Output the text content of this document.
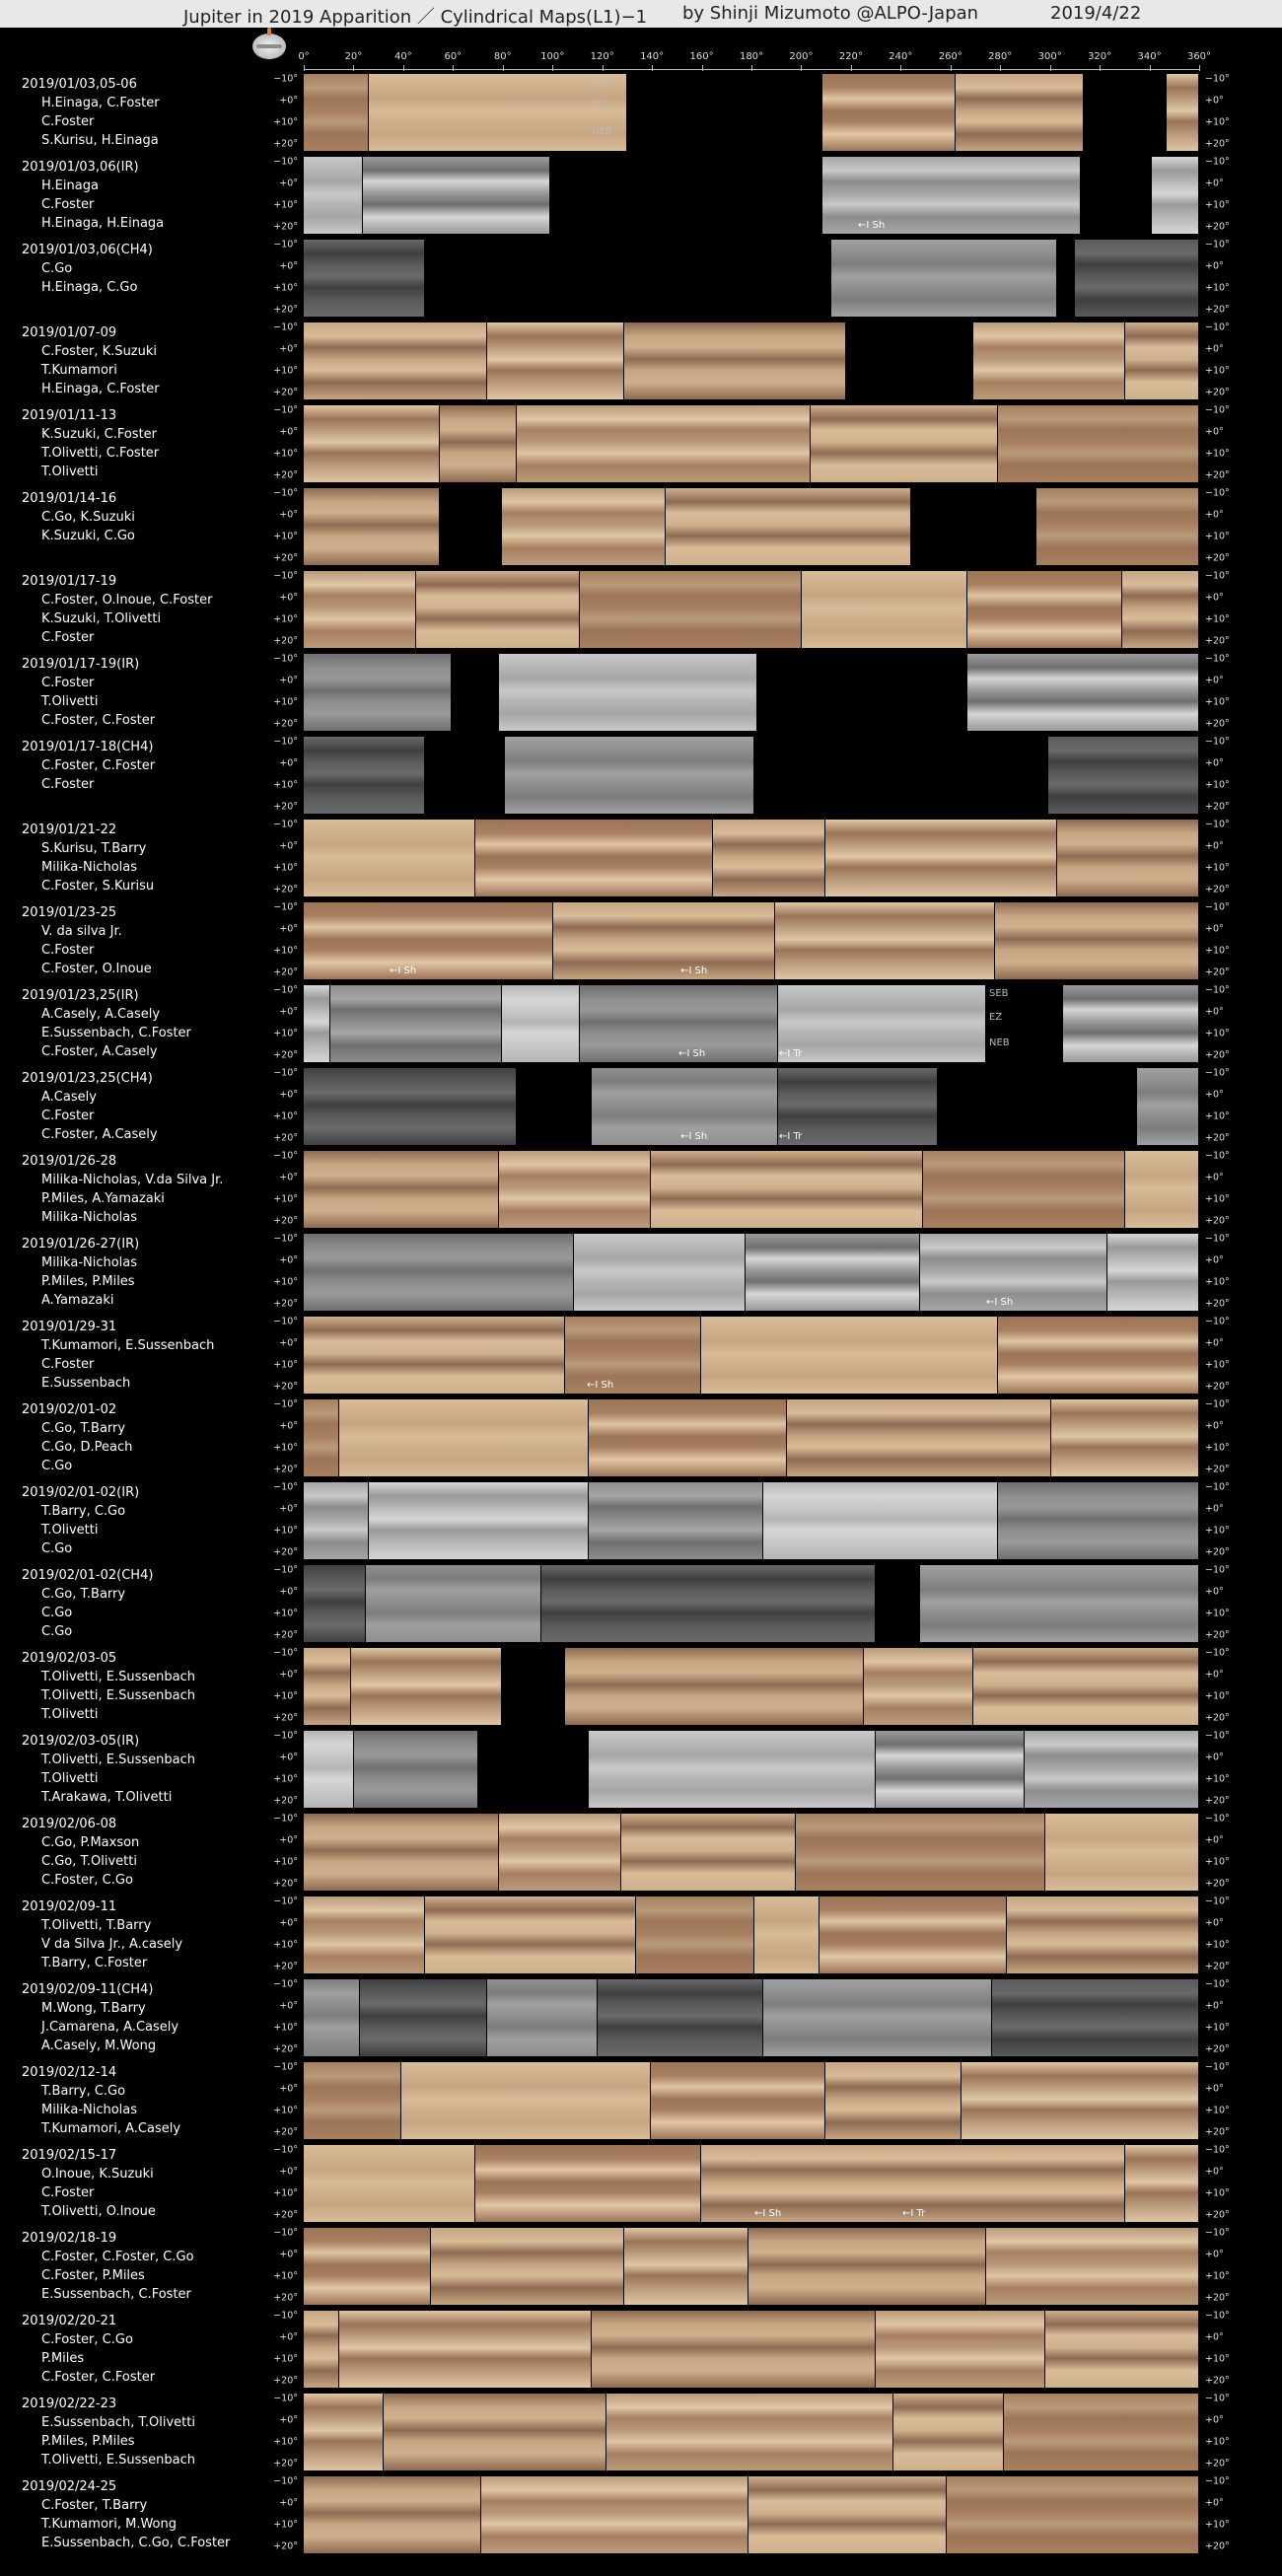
Jupiter in 2019 Apparition ／ Cylindrical Maps(L1)−1 by Shinji Mizumoto @ALPO-Japan	2019/4/22
0°	20°	40°	60°	80°	100°	120°	140°	160°	180°	200°	220°	240°	260°	280°	300°	320°	340°	360°
2019/01/03,05-06
H.Einaga, C.Foster
C.Foster
S.Kurisu, H.Einaga
−10°
+0°
+10°
+20°
−10°
+0°
+10°
+20°
SEB
EZ
NEB
2019/01/03,06(IR)
H.Einaga
C.Foster
H.Einaga, H.Einaga
−10°
+0°
+10°
+20°
−10°
+0°
+10°
+20°
←I Sh
2019/01/03,06(CH4)
C.Go
H.Einaga, C.Go
−10°
+0°
+10°
+20°
−10°
+0°
+10°
+20°
2019/01/07-09
C.Foster, K.Suzuki
T.Kumamori
H.Einaga, C.Foster
−10°
+0°
+10°
+20°
−10°
+0°
+10°
+20°
2019/01/11-13
K.Suzuki, C.Foster
T.Olivetti, C.Foster
T.Olivetti
−10°
+0°
+10°
+20°
−10°
+0°
+10°
+20°
2019/01/14-16
C.Go, K.Suzuki
K.Suzuki, C.Go
−10°
+0°
+10°
+20°
−10°
+0°
+10°
+20°
2019/01/17-19
C.Foster, O.Inoue, C.Foster
K.Suzuki, T.Olivetti
C.Foster
−10°
+0°
+10°
+20°
−10°
+0°
+10°
+20°
2019/01/17-19(IR)
C.Foster
T.Olivetti
C.Foster, C.Foster
−10°
+0°
+10°
+20°
−10°
+0°
+10°
+20°
2019/01/17-18(CH4)
C.Foster, C.Foster
C.Foster
−10°
+0°
+10°
+20°
−10°
+0°
+10°
+20°
2019/01/21-22
S.Kurisu, T.Barry
Milika-Nicholas
C.Foster, S.Kurisu
−10°
+0°
+10°
+20°
−10°
+0°
+10°
+20°
2019/01/23-25
V. da silva Jr.
C.Foster
C.Foster, O.Inoue
−10°
+0°
+10°
+20°
−10°
+0°
+10°
+20°
←I Sh	←I Sh
2019/01/23,25(IR)
A.Casely, A.Casely
E.Sussenbach, C.Foster
C.Foster, A.Casely
−10°
+0°
+10°
+20°
−10°
+0°
+10°
+20°
SEB
EZ
NEB
←I Sh	←I Tr
2019/01/23,25(CH4)
A.Casely
C.Foster
C.Foster, A.Casely
−10°
+0°
+10°
+20°
−10°
+0°
+10°
+20°
←I Sh	←I Tr
2019/01/26-28
Milika-Nicholas, V.da Silva Jr.
P.Miles, A.Yamazaki
Milika-Nicholas
−10°
+0°
+10°
+20°
−10°
+0°
+10°
+20°
2019/01/26-27(IR)
Milika-Nicholas
P.Miles, P.Miles
A.Yamazaki
−10°
+0°
+10°
+20°
−10°
+0°
+10°
+20°
←I Sh
2019/01/29-31
T.Kumamori, E.Sussenbach
C.Foster
E.Sussenbach
−10°
+0°
+10°
+20°
−10°
+0°
+10°
+20°
←I Sh
2019/02/01-02
C.Go, T.Barry
C.Go, D.Peach
C.Go
−10°
+0°
+10°
+20°
−10°
+0°
+10°
+20°
2019/02/01-02(IR)
T.Barry, C.Go
T.Olivetti
C.Go
−10°
+0°
+10°
+20°
−10°
+0°
+10°
+20°
2019/02/01-02(CH4)
C.Go, T.Barry
C.Go
C.Go
−10°
+0°
+10°
+20°
−10°
+0°
+10°
+20°
2019/02/03-05
T.Olivetti, E.Sussenbach
T.Olivetti, E.Sussenbach
T.Olivetti
−10°
+0°
+10°
+20°
−10°
+0°
+10°
+20°
2019/02/03-05(IR)
T.Olivetti, E.Sussenbach
T.Olivetti
T.Arakawa, T.Olivetti
−10°
+0°
+10°
+20°
−10°
+0°
+10°
+20°
2019/02/06-08
C.Go, P.Maxson
C.Go, T.Olivetti
C.Foster, C.Go
−10°
+0°
+10°
+20°
−10°
+0°
+10°
+20°
2019/02/09-11
T.Olivetti, T.Barry
V da Silva Jr., A.casely
T.Barry, C.Foster
−10°
+0°
+10°
+20°
−10°
+0°
+10°
+20°
2019/02/09-11(CH4)
M.Wong, T.Barry
J.Camarena, A.Casely
A.Casely, M.Wong
−10°
+0°
+10°
+20°
−10°
+0°
+10°
+20°
2019/02/12-14
T.Barry, C.Go
Milika-Nicholas
T.Kumamori, A.Casely
−10°
+0°
+10°
+20°
−10°
+0°
+10°
+20°
2019/02/15-17
O.Inoue, K.Suzuki
C.Foster
T.Olivetti, O.Inoue
−10°
+0°
+10°
+20°
−10°
+0°
+10°
+20°
←I Sh	←I Tr
2019/02/18-19
C.Foster, C.Foster, C.Go
C.Foster, P.Miles
E.Sussenbach, C.Foster
−10°
+0°
+10°
+20°
−10°
+0°
+10°
+20°
2019/02/20-21
C.Foster, C.Go
P.Miles
C.Foster, C.Foster
−10°
+0°
+10°
+20°
−10°
+0°
+10°
+20°
2019/02/22-23
E.Sussenbach, T.Olivetti
P.Miles, P.Miles
T.Olivetti, E.Sussenbach
−10°
+0°
+10°
+20°
−10°
+0°
+10°
+20°
2019/02/24-25
C.Foster, T.Barry
T.Kumamori, M.Wong
E.Sussenbach, C.Go, C.Foster
−10°
+0°
+10°
+20°
−10°
+0°
+10°
+20°
